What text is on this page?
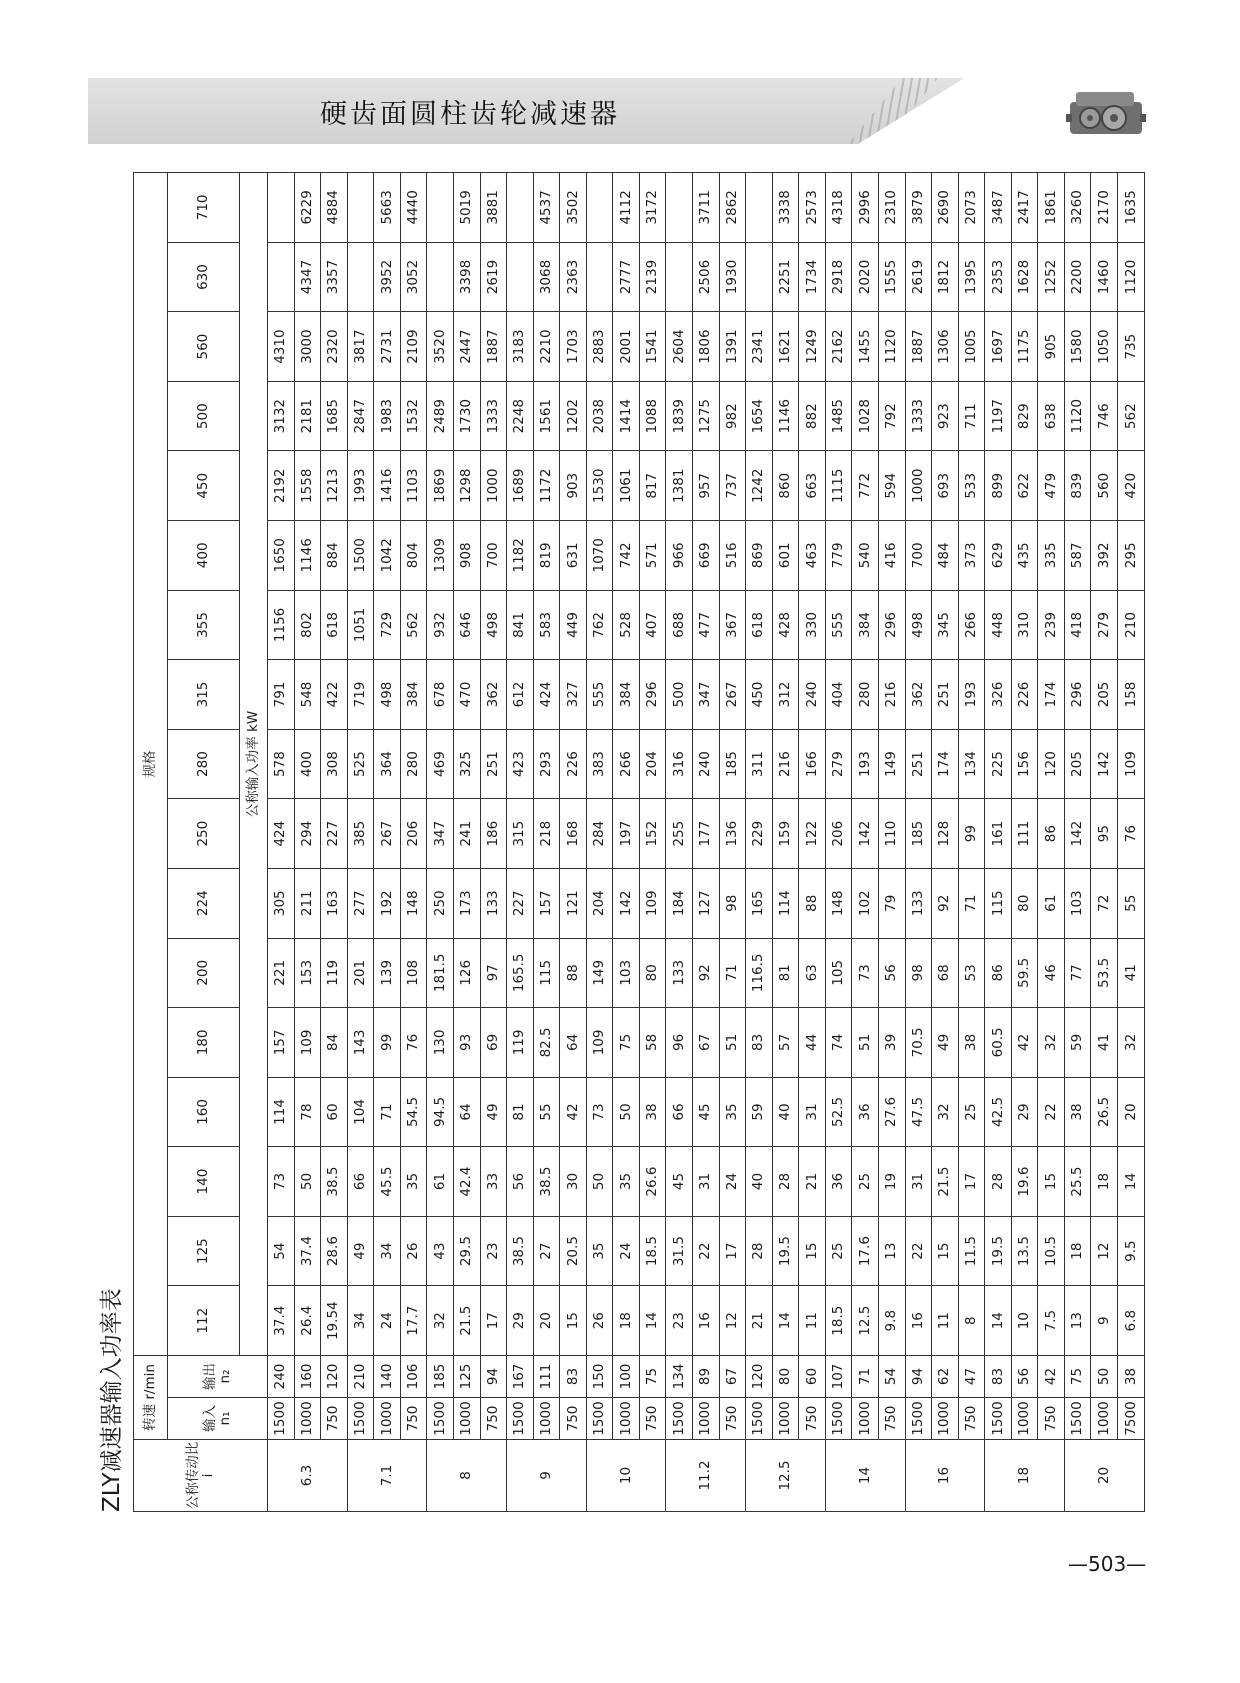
硬齿面圆柱齿轮减速器
ZLY减速器输入功率表	公称传动比 i	转速 r/min		规格																
	输入 n₁	输出 n₂	112	125	140	160	180	200	224	250	280	315	355	400	450	500	560	630	710
			公称输入功率 kW																
6.3	1500	240	37.4	54	73	114	157	221	305	424	578	791	1156	1650	2192	3132	4310		
	1000	160	26.4	37.4	50	78	109	153	211	294	400	548	802	1146	1558	2181	3000	4347	6229
	750	120	19.54	28.6	38.5	60	84	119	163	227	308	422	618	884	1213	1685	2320	3357	4884
7.1	1500	210	34	49	66	104	143	201	277	385	525	719	1051	1500	1993	2847	3817		
	1000	140	24	34	45.5	71	99	139	192	267	364	498	729	1042	1416	1983	2731	3952	5663
	750	106	17.7	26	35	54.5	76	108	148	206	280	384	562	804	1103	1532	2109	3052	4440
8	1500	185	32	43	61	94.5	130	181.5	250	347	469	678	932	1309	1869	2489	3520		
	1000	125	21.5	29.5	42.4	64	93	126	173	241	325	470	646	908	1298	1730	2447	3398	5019
	750	94	17	23	33	49	69	97	133	186	251	362	498	700	1000	1333	1887	2619	3881
9	1500	167	29	38.5	56	81	119	165.5	227	315	423	612	841	1182	1689	2248	3183		
	1000	111	20	27	38.5	55	82.5	115	157	218	293	424	583	819	1172	1561	2210	3068	4537
	750	83	15	20.5	30	42	64	88	121	168	226	327	449	631	903	1202	1703	2363	3502
10	1500	150	26	35	50	73	109	149	204	284	383	555	762	1070	1530	2038	2883		
	1000	100	18	24	35	50	75	103	142	197	266	384	528	742	1061	1414	2001	2777	4112
	750	75	14	18.5	26.6	38	58	80	109	152	204	296	407	571	817	1088	1541	2139	3172
11.2	1500	134	23	31.5	45	66	96	133	184	255	316	500	688	966	1381	1839	2604		
	1000	89	16	22	31	45	67	92	127	177	240	347	477	669	957	1275	1806	2506	3711
	750	67	12	17	24	35	51	71	98	136	185	267	367	516	737	982	1391	1930	2862
12.5	1500	120	21	28	40	59	83	116.5	165	229	311	450	618	869	1242	1654	2341		
	1000	80	14	19.5	28	40	57	81	114	159	216	312	428	601	860	1146	1621	2251	3338
	750	60	11	15	21	31	44	63	88	122	166	240	330	463	663	882	1249	1734	2573
14	1500	107	18.5	25	36	52.5	74	105	148	206	279	404	555	779	1115	1485	2162	2918	4318
	1000	71	12.5	17.6	25	36	51	73	102	142	193	280	384	540	772	1028	1455	2020	2996
	750	54	9.8	13	19	27.6	39	56	79	110	149	216	296	416	594	792	1120	1555	2310
16	1500	94	16	22	31	47.5	70.5	98	133	185	251	362	498	700	1000	1333	1887	2619	3879
	1000	62	11	15	21.5	32	49	68	92	128	174	251	345	484	693	923	1306	1812	2690
	750	47	8	11.5	17	25	38	53	71	99	134	193	266	373	533	711	1005	1395	2073
18	1500	83	14	19.5	28	42.5	60.5	86	115	161	225	326	448	629	899	1197	1697	2353	3487
	1000	56	10	13.5	19.6	29	42	59.5	80	111	156	226	310	435	622	829	1175	1628	2417
	750	42	7.5	10.5	15	22	32	46	61	86	120	174	239	335	479	638	905	1252	1861
20	1500	75	13	18	25.5	38	59	77	103	142	205	296	418	587	839	1120	1580	2200	3260
	1000	50	9	12	18	26.5	41	53.5	72	95	142	205	279	392	560	746	1050	1460	2170
	7500	38	6.8	9.5	14	20	32	41	55	76	109	158	210	295	420	562	735	1120	1635
—503—
